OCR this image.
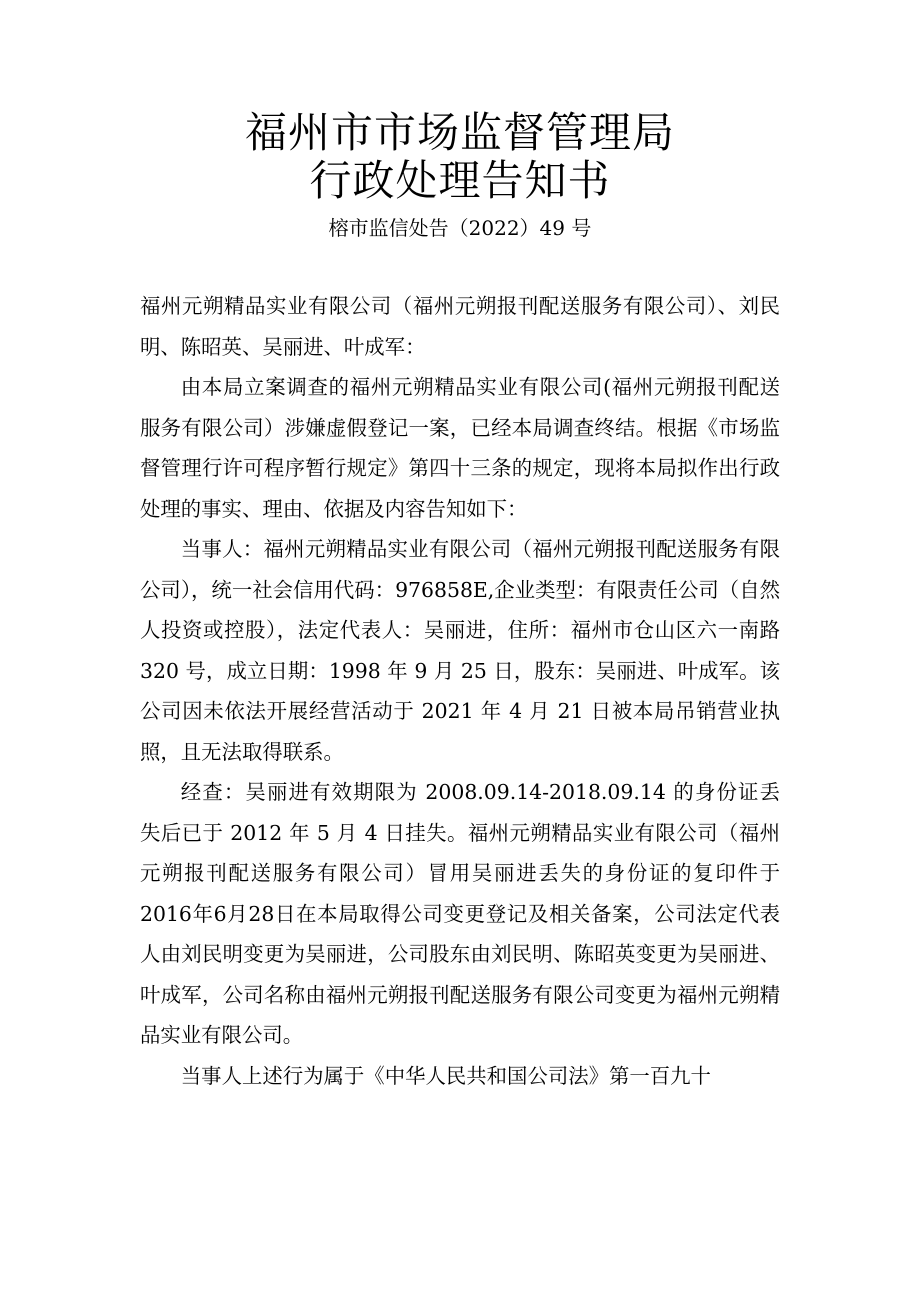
福州市市场监督管理局
行政处理告知书
榕市监信处告（2022）49 号

福州元朔精品实业有限公司（福州元朔报刊配送服务有限公司）、刘民明、陈昭英、吴丽进、叶成军：

由本局立案调查的福州元朔精品实业有限公司(福州元朔报刊配送服务有限公司）涉嫌虚假登记一案，已经本局调查终结。根据《市场监督管理行许可程序暂行规定》第四十三条的规定，现将本局拟作出行政处理的事实、理由、依据及内容告知如下：

当事人：福州元朔精品实业有限公司（福州元朔报刊配送服务有限公司），统一社会信用代码：976858E,企业类型：有限责任公司（自然人投资或控股），法定代表人：吴丽进，住所：福州市仓山区六一南路 320 号，成立日期：1998 年 9 月 25 日，股东：吴丽进、叶成军。该公司因未依法开展经营活动于 2021 年 4 月 21 日被本局吊销营业执照，且无法取得联系。

经查：吴丽进有效期限为 2008.09.14-2018.09.14 的身份证丢失后已于 2012 年 5 月 4 日挂失。福州元朔精品实业有限公司（福州元朔报刊配送服务有限公司）冒用吴丽进丢失的身份证的复印件于2016年6月28日在本局取得公司变更登记及相关备案，公司法定代表人由刘民明变更为吴丽进，公司股东由刘民明、陈昭英变更为吴丽进、叶成军，公司名称由福州元朔报刊配送服务有限公司变更为福州元朔精品实业有限公司。

当事人上述行为属于《中华人民共和国公司法》第一百九十
